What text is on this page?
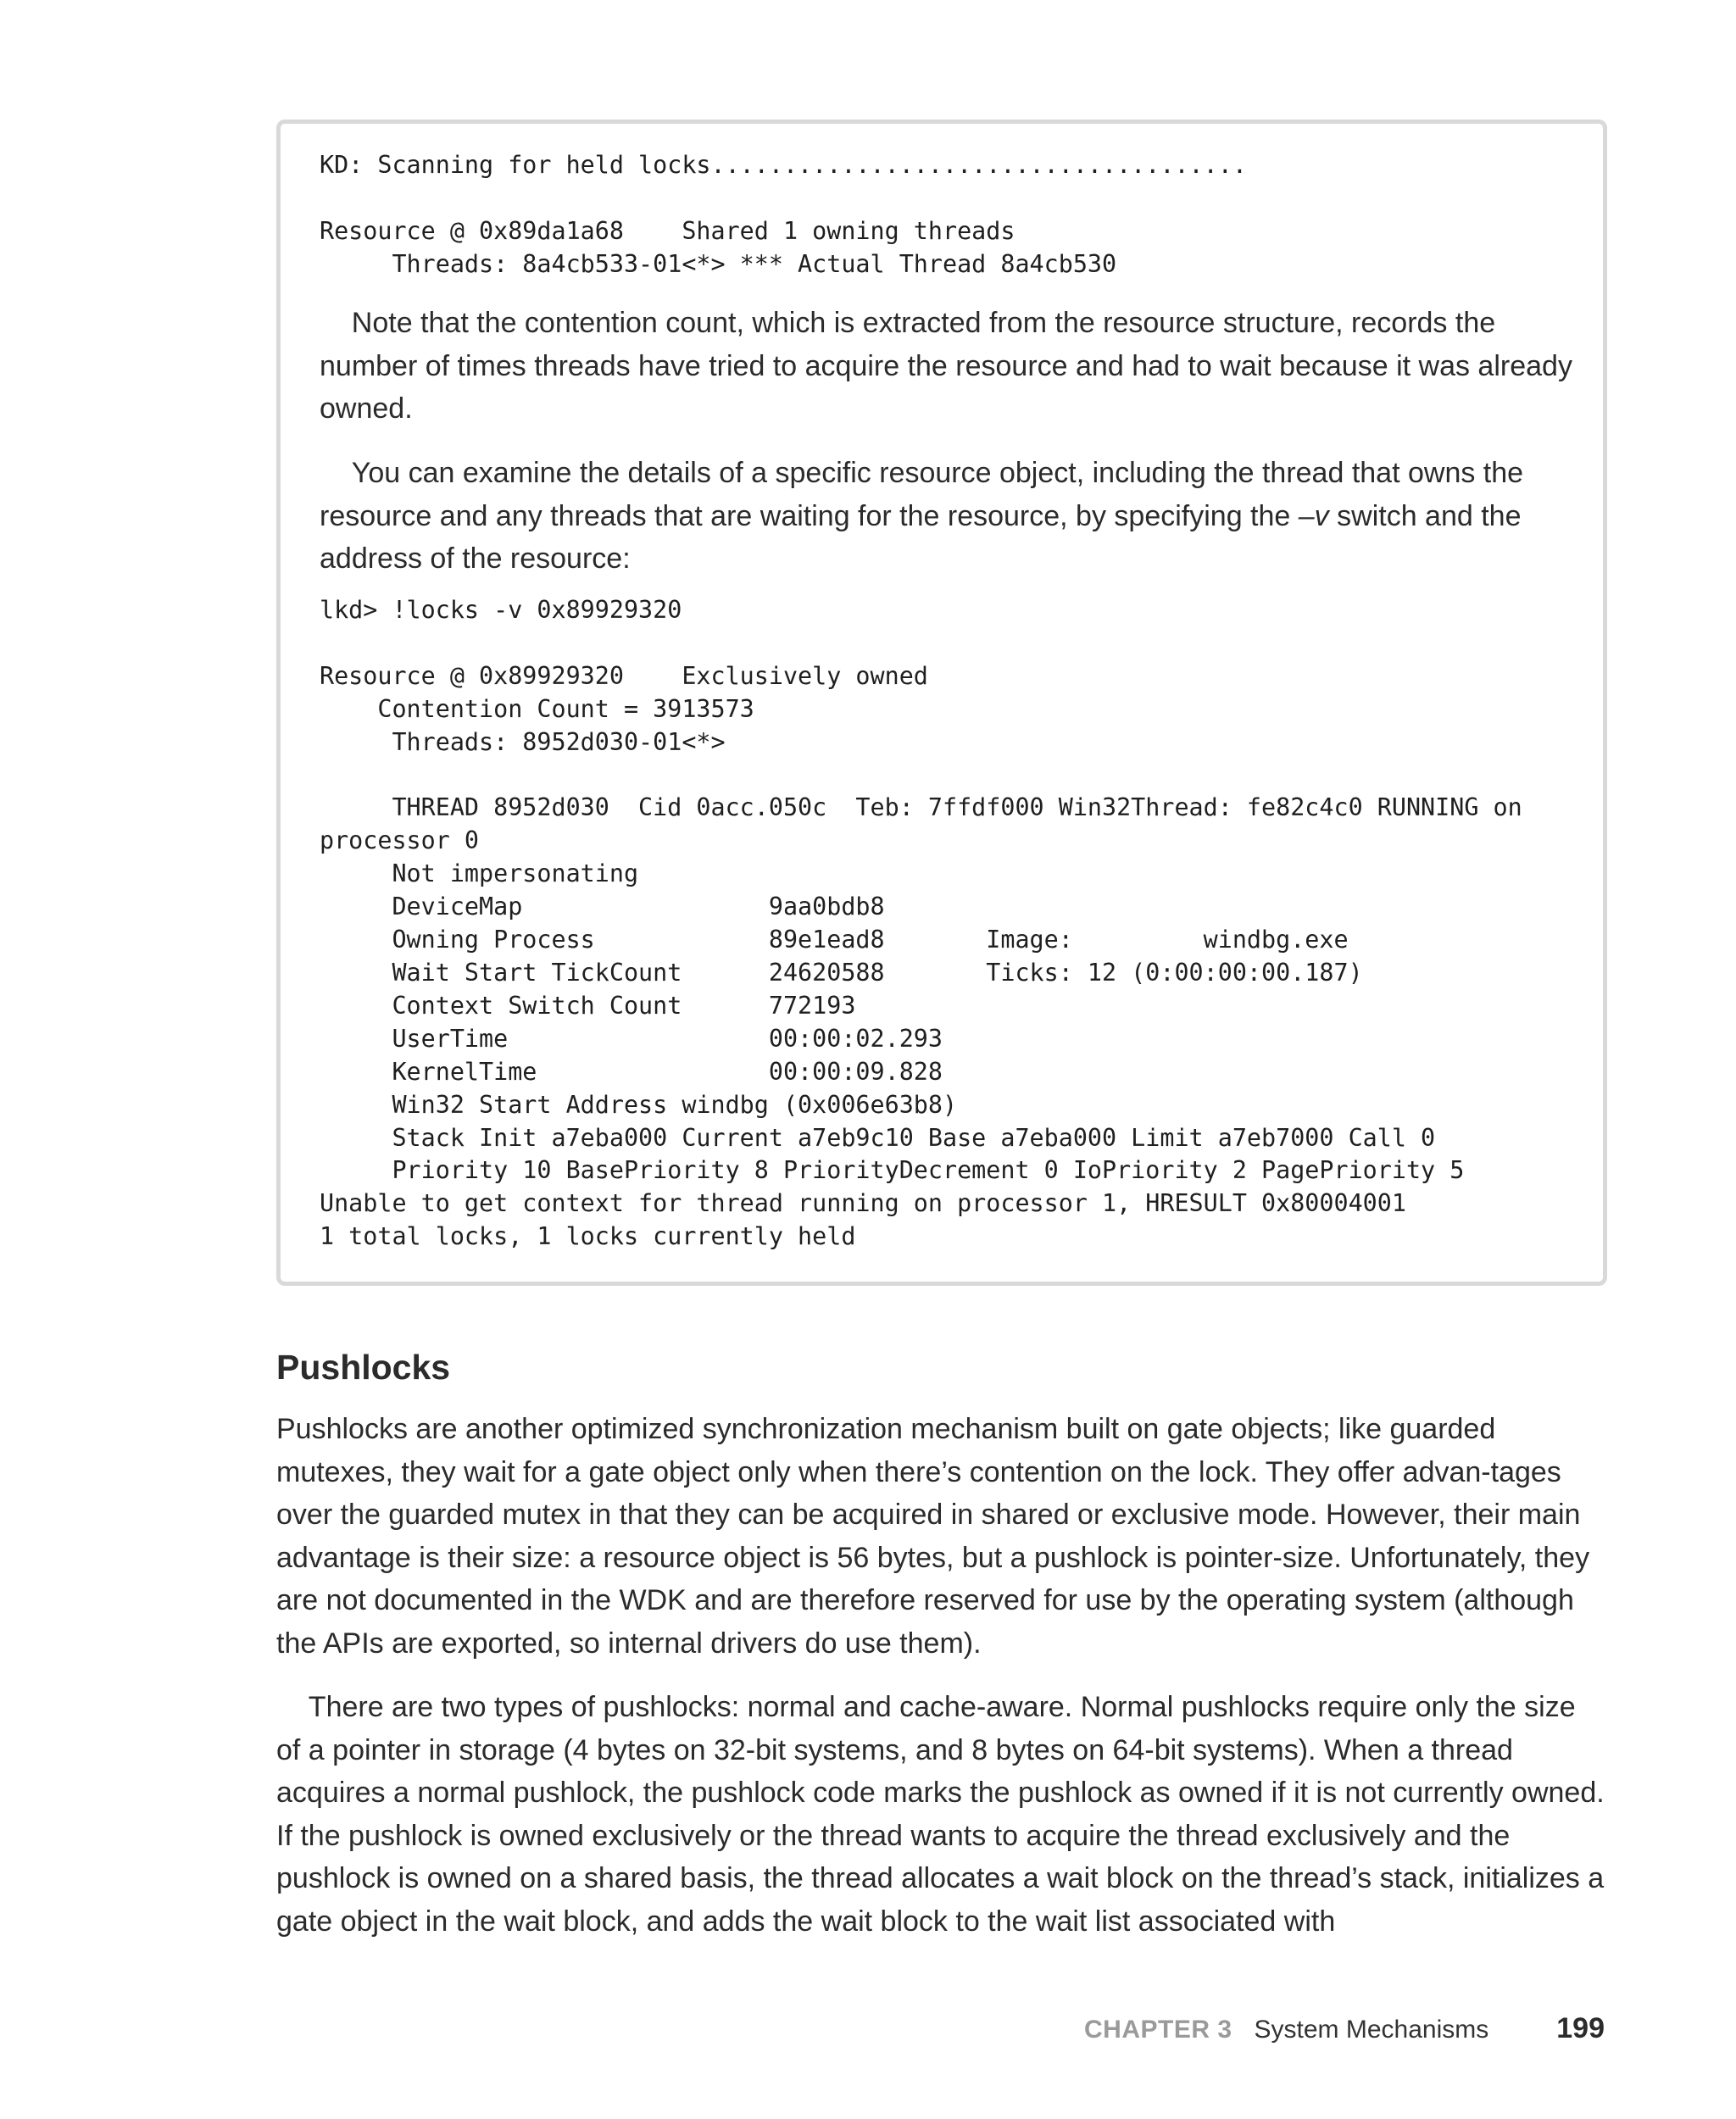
KD: Scanning for held locks.....................................

Resource @ 0x89da1a68    Shared 1 owning threads
Threads: 8a4cb533-01<*> *** Actual Thread 8a4cb530

Note that the contention count, which is extracted from the resource structure, records the number of times threads have tried to acquire the resource and had to wait because it was already owned.

You can examine the details of a specific resource object, including the thread that owns the resource and any threads that are waiting for the resource, by specifying the –v switch and the address of the resource:

lkd> !locks -v 0x89929320

Resource @ 0x89929320    Exclusively owned
Contention Count = 3913573
Threads: 8952d030-01<*>

THREAD 8952d030  Cid 0acc.050c  Teb: 7ffdf000 Win32Thread: fe82c4c0 RUNNING on
processor 0
Not impersonating
DeviceMap                 9aa0bdb8
Owning Process            89e1ead8       Image:         windbg.exe
Wait Start TickCount      24620588       Ticks: 12 (0:00:00:00.187)
Context Switch Count      772193
UserTime                  00:00:02.293
KernelTime                00:00:09.828
Win32 Start Address windbg (0x006e63b8)
Stack Init a7eba000 Current a7eb9c10 Base a7eba000 Limit a7eb7000 Call 0
Priority 10 BasePriority 8 PriorityDecrement 0 IoPriority 2 PagePriority 5
Unable to get context for thread running on processor 1, HRESULT 0x80004001
1 total locks, 1 locks currently held
Pushlocks

Pushlocks are another optimized synchronization mechanism built on gate objects; like guarded mutexes, they wait for a gate object only when there’s contention on the lock. They offer advan-tages over the guarded mutex in that they can be acquired in shared or exclusive mode. However, their main advantage is their size: a resource object is 56 bytes, but a pushlock is pointer-size. Unfortunately, they are not documented in the WDK and are therefore reserved for use by the operating system (although the APIs are exported, so internal drivers do use them).

There are two types of pushlocks: normal and cache-aware. Normal pushlocks require only the size of a pointer in storage (4 bytes on 32-bit systems, and 8 bytes on 64-bit systems). When a thread acquires a normal pushlock, the pushlock code marks the pushlock as owned if it is not currently owned. If the pushlock is owned exclusively or the thread wants to acquire the thread exclusively and the pushlock is owned on a shared basis, the thread allocates a wait block on the thread’s stack, initializes a gate object in the wait block, and adds the wait block to the wait list associated with

CHAPTER 3 System Mechanisms 199
